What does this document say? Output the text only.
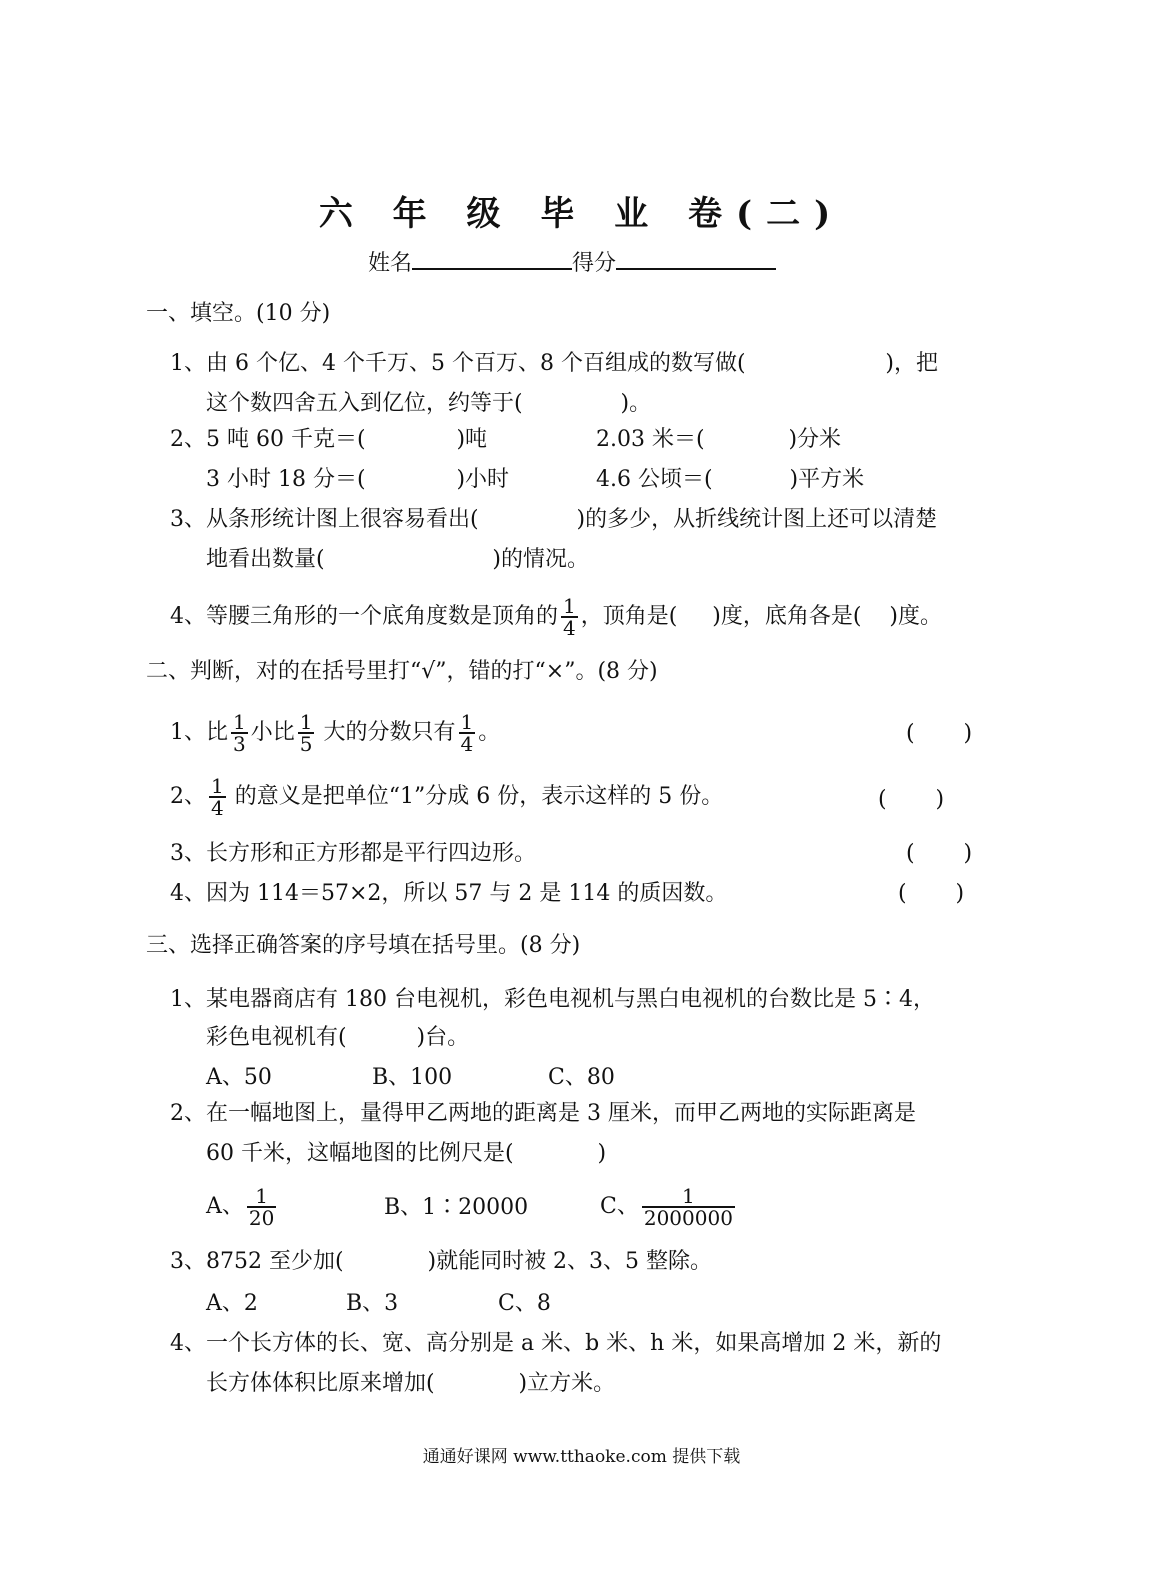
六 年 级 毕 业 卷(二)
姓名	得分
一、填空。(10 分)
1、由 6 个亿、4 个千万、5 个百万、8 个百组成的数写做(                    )，把
这个数四舍五入到亿位，约等于(              )。
2、5 吨 60 千克＝(             )吨	2.03 米＝(            )分米
3 小时 18 分＝(             )小时	4.6 公顷＝(           )平方米
3、从条形统计图上很容易看出(              )的多少，从折线统计图上还可以清楚
地看出数量(                        )的情况。
4、等腰三角形的一个底角度数是顶角的 $\frac{1}{4}$ ，顶角是(     )度，底角各是(    )度。
二、判断，对的在括号里打“√”，错的打“×”。(8 分)
1、比 $\frac{1}{3}$ 小比 $\frac{1}{5}$ 大的分数只有 $\frac{1}{4}$ 。	(       )
2、 $\frac{1}{4}$ 的意义是把单位“1”分成 6 份，表示这样的 5 份。	(       )
3、长方形和正方形都是平行四边形。	(       )
4、因为 114＝57×2，所以 57 与 2 是 114 的质因数。	(       )
三、选择正确答案的序号填在括号里。(8 分)
1、某电器商店有 180 台电视机，彩色电视机与黑白电视机的台数比是 5∶4，
彩色电视机有(          )台。
A、50	B、100	C、80
2、在一幅地图上，量得甲乙两地的距离是 3 厘米，而甲乙两地的实际距离是
60 千米，这幅地图的比例尺是(            )
A、 $\frac{1}{20}$	B、1∶20000	C、 $\frac{1}{2000000}$
3、8752 至少加(            )就能同时被 2、3、5 整除。
A、2	B、3	C、8
4、一个长方体的长、宽、高分别是 a 米、b 米、h 米，如果高增加 2 米，新的
长方体体积比原来增加(            )立方米。
通通好课网 www.tthaoke.com 提供下载
